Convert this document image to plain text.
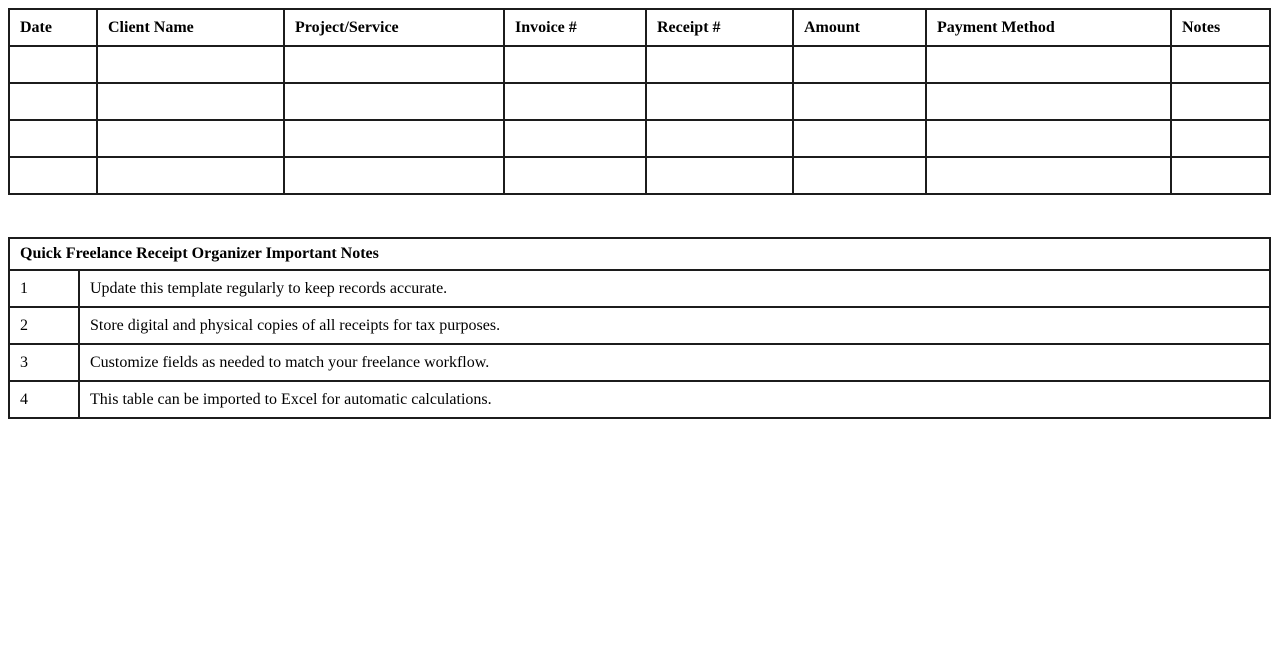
Date	Client Name	Project/Service	Invoice #	Receipt #	Amount	Payment Method	Notes

Quick Freelance Receipt Organizer Important Notes	
1	Update this template regularly to keep records accurate.
2	Store digital and physical copies of all receipts for tax purposes.
3	Customize fields as needed to match your freelance workflow.
4	This table can be imported to Excel for automatic calculations.
